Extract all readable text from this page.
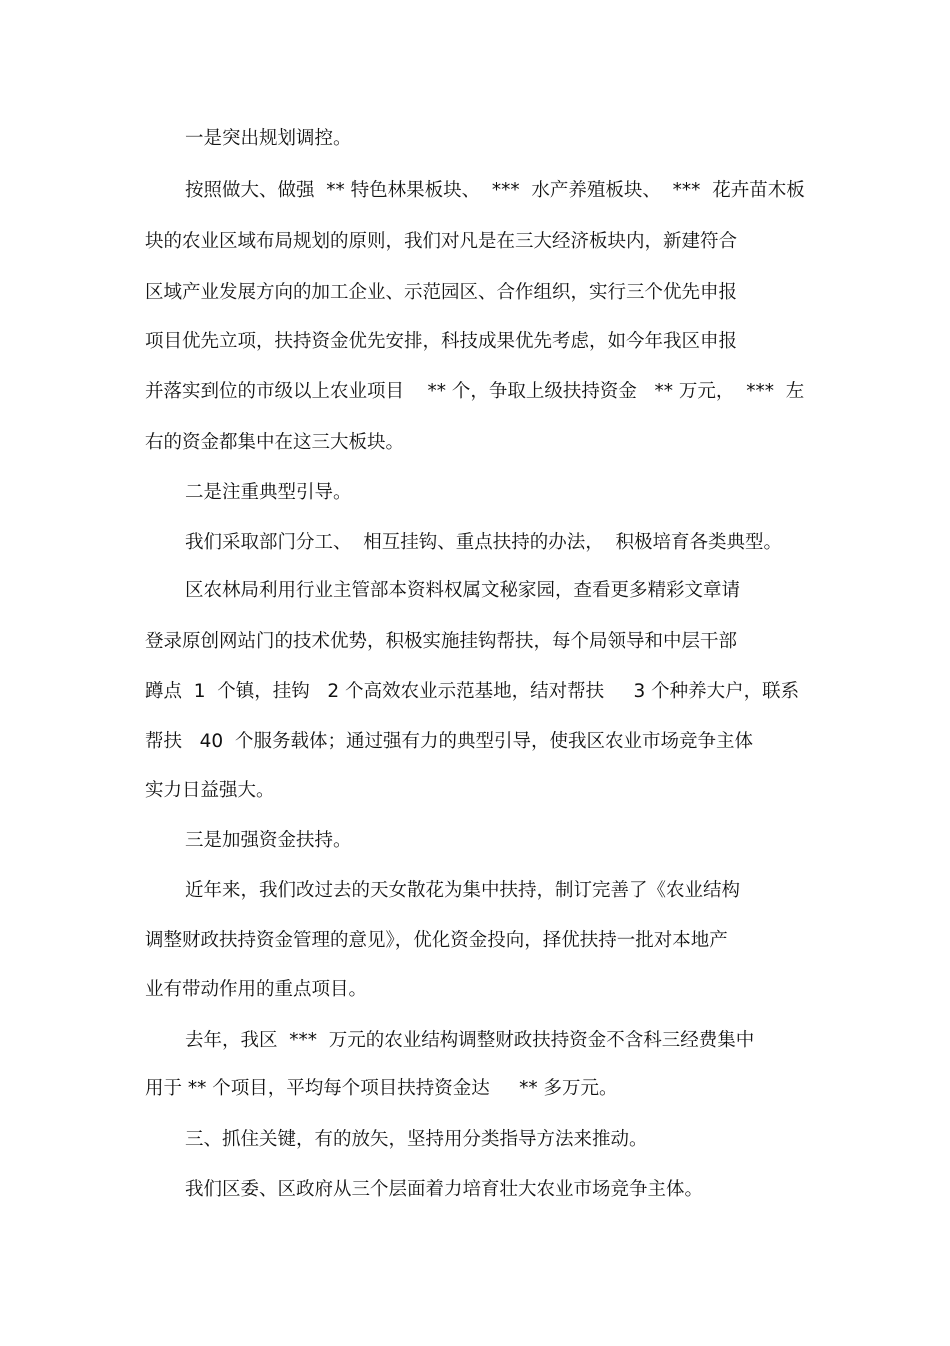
一是突出规划调控。
按照做大、做强  ** 特色林果板块、  ***  水产养殖板块、  ***  花卉苗木板
块的农业区域布局规划的原则，我们对凡是在三大经济板块内，新建符合
区域产业发展方向的加工企业、示范园区、合作组织，实行三个优先申报
项目优先立项，扶持资金优先安排，科技成果优先考虑，如今年我区申报
并落实到位的市级以上农业项目    ** 个，争取上级扶持资金   ** 万元，  ***  左
右的资金都集中在这三大板块。
二是注重典型引导。
我们采取部门分工、  相互挂钩、重点扶持的办法，  积极培育各类典型。
区农林局利用行业主管部本资料权属文秘家园，查看更多精彩文章请
登录原创网站门的技术优势，积极实施挂钩帮扶，每个局领导和中层干部
蹲点  1  个镇，挂钩   2 个高效农业示范基地，结对帮扶     3 个种养大户，联系
帮扶   40  个服务载体；通过强有力的典型引导，使我区农业市场竞争主体
实力日益强大。
三是加强资金扶持。
近年来，我们改过去的天女散花为集中扶持，制订完善了《农业结构
调整财政扶持资金管理的意见》，优化资金投向，择优扶持一批对本地产
业有带动作用的重点项目。
去年，我区  ***  万元的农业结构调整财政扶持资金不含科三经费集中
用于 ** 个项目，平均每个项目扶持资金达     ** 多万元。
三、抓住关键，有的放矢，坚持用分类指导方法来推动。
我们区委、区政府从三个层面着力培育壮大农业市场竞争主体。
